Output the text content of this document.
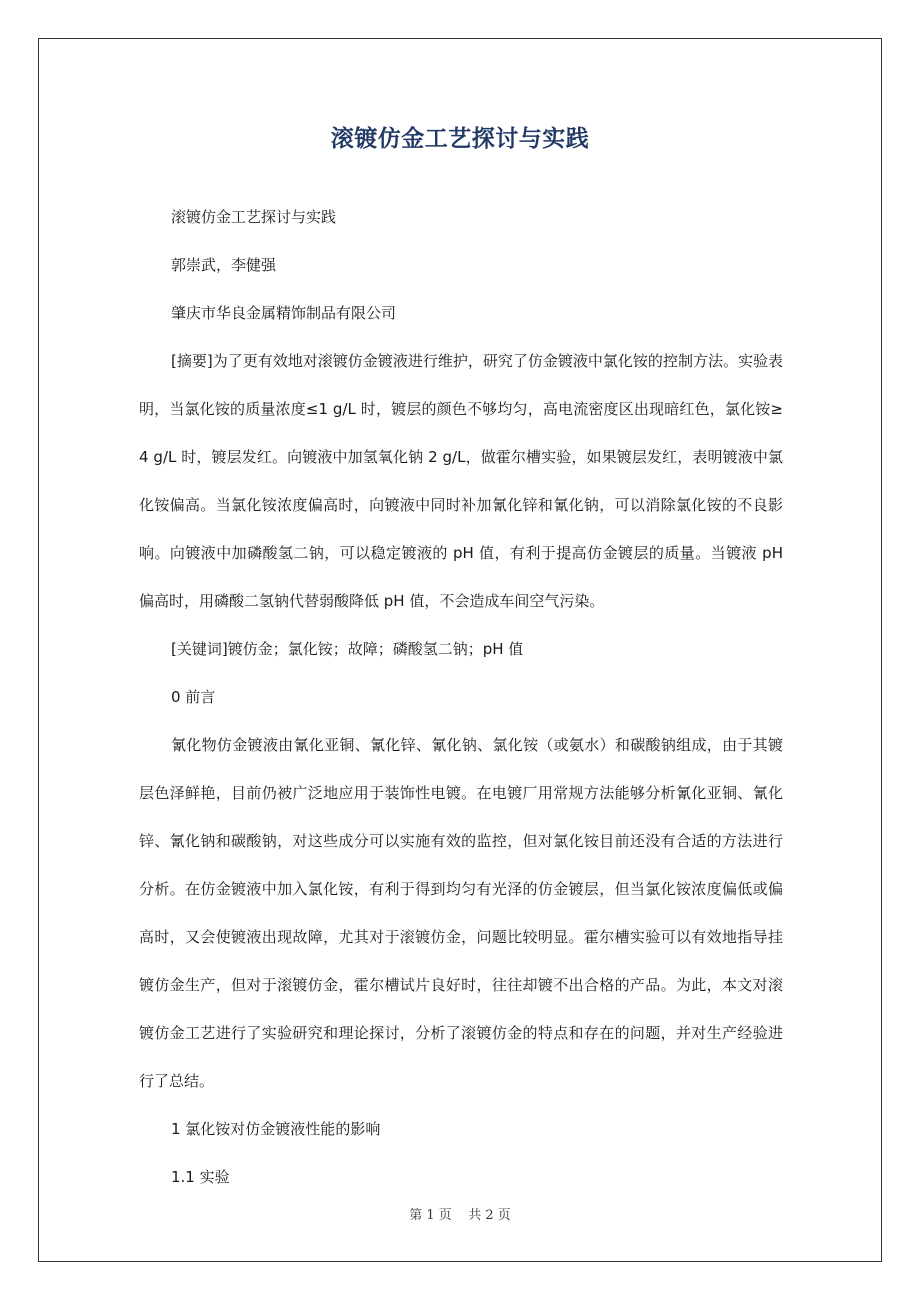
滚镀仿金工艺探讨与实践

滚镀仿金工艺探讨与实践

郭崇武，李健强

肇庆市华良金属精饰制品有限公司

[摘要]为了更有效地对滚镀仿金镀液进行维护，研究了仿金镀液中氯化铵的控制方法。实验表明，当氯化铵的质量浓度≤1 g/L 时，镀层的颜色不够均匀，高电流密度区出现暗红色，氯化铵≥4 g/L 时，镀层发红。向镀液中加氢氧化钠 2 g/L，做霍尔槽实验，如果镀层发红，表明镀液中氯化铵偏高。当氯化铵浓度偏高时，向镀液中同时补加氰化锌和氰化钠，可以消除氯化铵的不良影响。向镀液中加磷酸氢二钠，可以稳定镀液的 pH 值，有利于提高仿金镀层的质量。当镀液 pH 偏高时，用磷酸二氢钠代替弱酸降低 pH 值，不会造成车间空气污染。

[关键词]镀仿金；氯化铵；故障；磷酸氢二钠；pH 值

0 前言

氰化物仿金镀液由氰化亚铜、氰化锌、氰化钠、氯化铵（或氨水）和碳酸钠组成，由于其镀层色泽鲜艳，目前仍被广泛地应用于装饰性电镀。在电镀厂用常规方法能够分析氰化亚铜、氰化锌、氰化钠和碳酸钠，对这些成分可以实施有效的监控，但对氯化铵目前还没有合适的方法进行分析。在仿金镀液中加入氯化铵，有利于得到均匀有光泽的仿金镀层，但当氯化铵浓度偏低或偏高时，又会使镀液出现故障，尤其对于滚镀仿金，问题比较明显。霍尔槽实验可以有效地指导挂镀仿金生产，但对于滚镀仿金，霍尔槽试片良好时，往往却镀不出合格的产品。为此，本文对滚镀仿金工艺进行了实验研究和理论探讨，分析了滚镀仿金的特点和存在的问题，并对生产经验进行了总结。

1 氯化铵对仿金镀液性能的影响

1.1 实验

第 1 页    共 2 页
